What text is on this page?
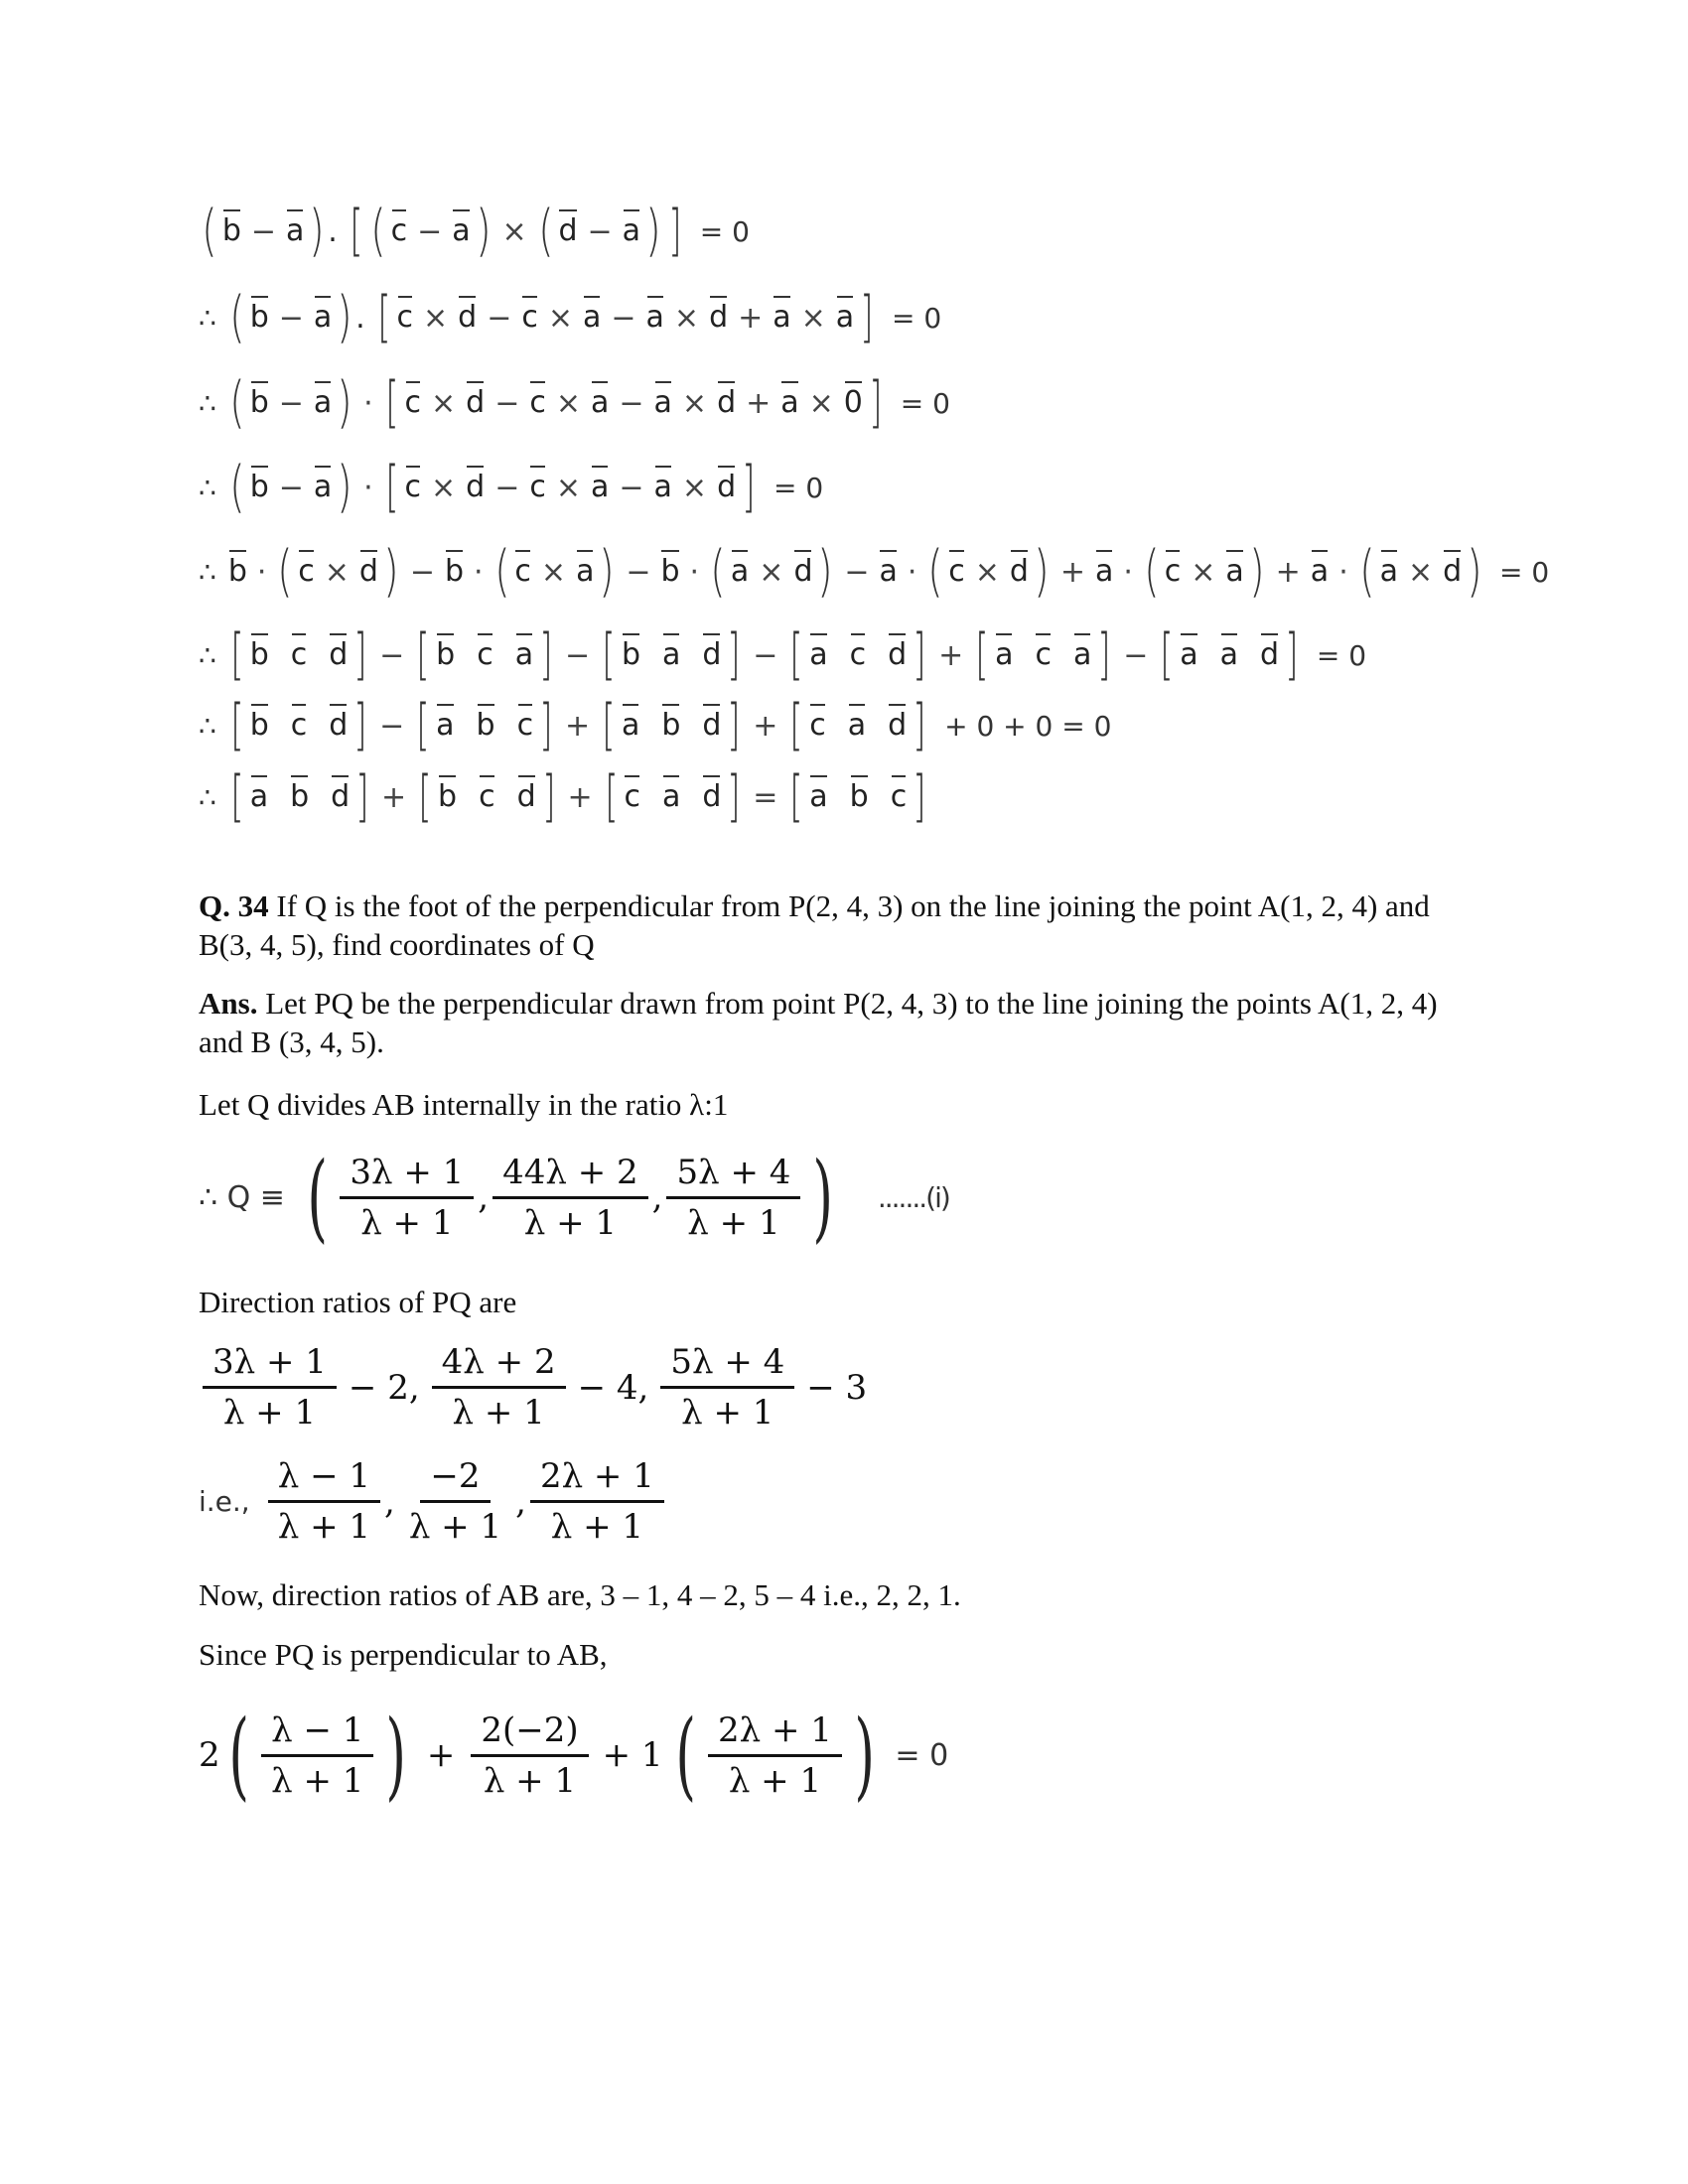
( b − a ) . [ ( c − a ) × ( d − a ) ] = 0
∴ ( b − a ) . [ c × d − c × a − a × d + a × a ] = 0
∴ ( b − a ) · [ c × d − c × a − a × d + a × 0 ] = 0
∴ ( b − a ) · [ c × d − c × a − a × d ] = 0
∴ b · ( c × d ) − b · ( c × a ) − b · ( a × d ) − a · ( c × d ) + a · ( c × a ) + a · ( a × d ) = 0
∴ [ b c d ] − [ b c a ] − [ b a d ] − [ a c d ] + [ a c a ] − [ a a d ] = 0
∴ [ b c d ] − [ a b c ] + [ a b d ] + [ c a d ] + 0 + 0 = 0
∴ [ a b d ] + [ b c d ] + [ c a d ] = [ a b c ]
Q. 34 If Q is the foot of the perpendicular from P(2, 4, 3) on the line joining the point A(1, 2, 4) and B(3, 4, 5), find coordinates of Q
Ans. Let PQ be the perpendicular drawn from point P(2, 4, 3) to the line joining the points A(1, 2, 4) and B (3, 4, 5).
Let Q divides AB internally in the ratio λ:1
∴ Q ≡ ( $\frac{3\lambda + 1}{\lambda + 1}$ , $\frac{44\lambda + 2}{\lambda + 1}$ , $\frac{5\lambda + 4}{\lambda + 1}$ ) .......(i)
Direction ratios of PQ are
$\frac{3\lambda + 1}{\lambda + 1} - 2$, $\frac{4\lambda + 2}{\lambda + 1} - 4$, $\frac{5\lambda + 4}{\lambda + 1} - 3$
i.e., $\frac{\lambda - 1}{\lambda + 1}$ , $\frac{-2}{\lambda + 1}$ , $\frac{2\lambda + 1}{\lambda + 1}$
Now, direction ratios of AB are, 3 – 1, 4 – 2, 5 – 4 i.e., 2, 2, 1.
Since PQ is perpendicular to AB,
2 ( $\frac{\lambda - 1}{\lambda + 1}$ ) + $\frac{2(-2)}{\lambda + 1} + 1$ ( $\frac{2\lambda + 1}{\lambda + 1}$ ) = 0
